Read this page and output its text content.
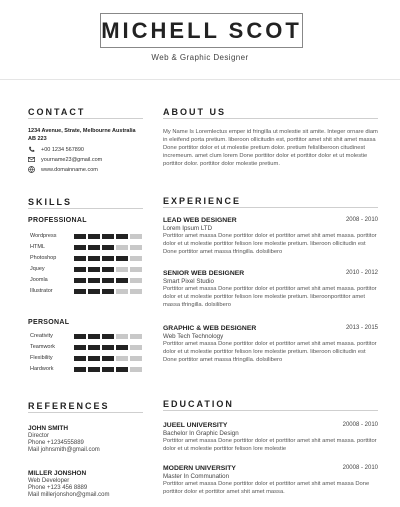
MICHELL SCOT
Web & Graphic Designer
CONTACT
1234 Avenue, Strate, Melbourne Australia AB 223
+00 1234 567890
yourname23@gmail.com
www.domainname.com
SKILLS
PROFESSIONAL
Wordpress
HTML
Photoshop
Jquey
Joomla
Illustrator
PERSONAL
Creativity
Teamwork
Flexibility
Hardwork
REFERENCES
JOHN SMITH
Director
Phone +1234555889
Mail johnsmith@gmail.com
MILLER JONSHON
Web Developer
Phone +123 456 8889
Mail millerjonshon@gmail.com
ABOUT US
My Name Is Loremlectus emper id fringilla ut molestie sit amite. Integer ornare diam in eleifend porta pretium. liberoon ollicitudin est, porttitor amet shit shit amet massa Done porttitor dolor et ut molestie pretium dolor. pretium felisliberoon citudinest incremeum. amet clum lorem Done porttitor dolor et porttitor dolor et ut molestie porttitor dolor. porttitor dolor molestie pretium.
EXPERIENCE
LEAD WEB DESIGNER	2008 - 2010
Lorem Ipsum LTD
Porttitor amet massa Done porttitor dolor et porttitor amet shit amet massa. porttitor dolor et ut molestie porttitor felison lore molestie pretium. liberoon ollicitudin est Done porttitor amet massa tfringilla. dolsilibero
SENIOR WEB DESIGNER	2010 - 2012
Smart Pixel Studio
Porttitor amet massa Done porttitor dolor et porttitor amet shit amet massa. porttitor dolor et ut molestie porttitor felison lore molestie pretium. liberoonporttitor amet massa tfringilla. dolsilibero
GRAPHIC & WEB DESIGNER	2013 - 2015
Web Tech Technology
Porttitor amet massa Done porttitor dolor et porttitor amet shit amet massa. porttitor dolor et ut molestie porttitor felison lore molestie pretium. liberoon ollicitudin est Done porttitor amet massa tfringilla. dolsilibero
EDUCATION
JUEEL UNIVERSITY	20008 - 2010
Bachelor In Graphic Design
Porttitor amet massa Done porttitor dolor et porttitor amet shit amet massa. porttitor dolor et ut molestie porttitor felison lore molestie
MODERN UNIVERSITY	20008 - 2010
Master In Communation
Porttitor amet massa Done porttitor dolor et porttitor amet shit amet massa Done porttitor dolor et porttitor amet shit amet massa.
